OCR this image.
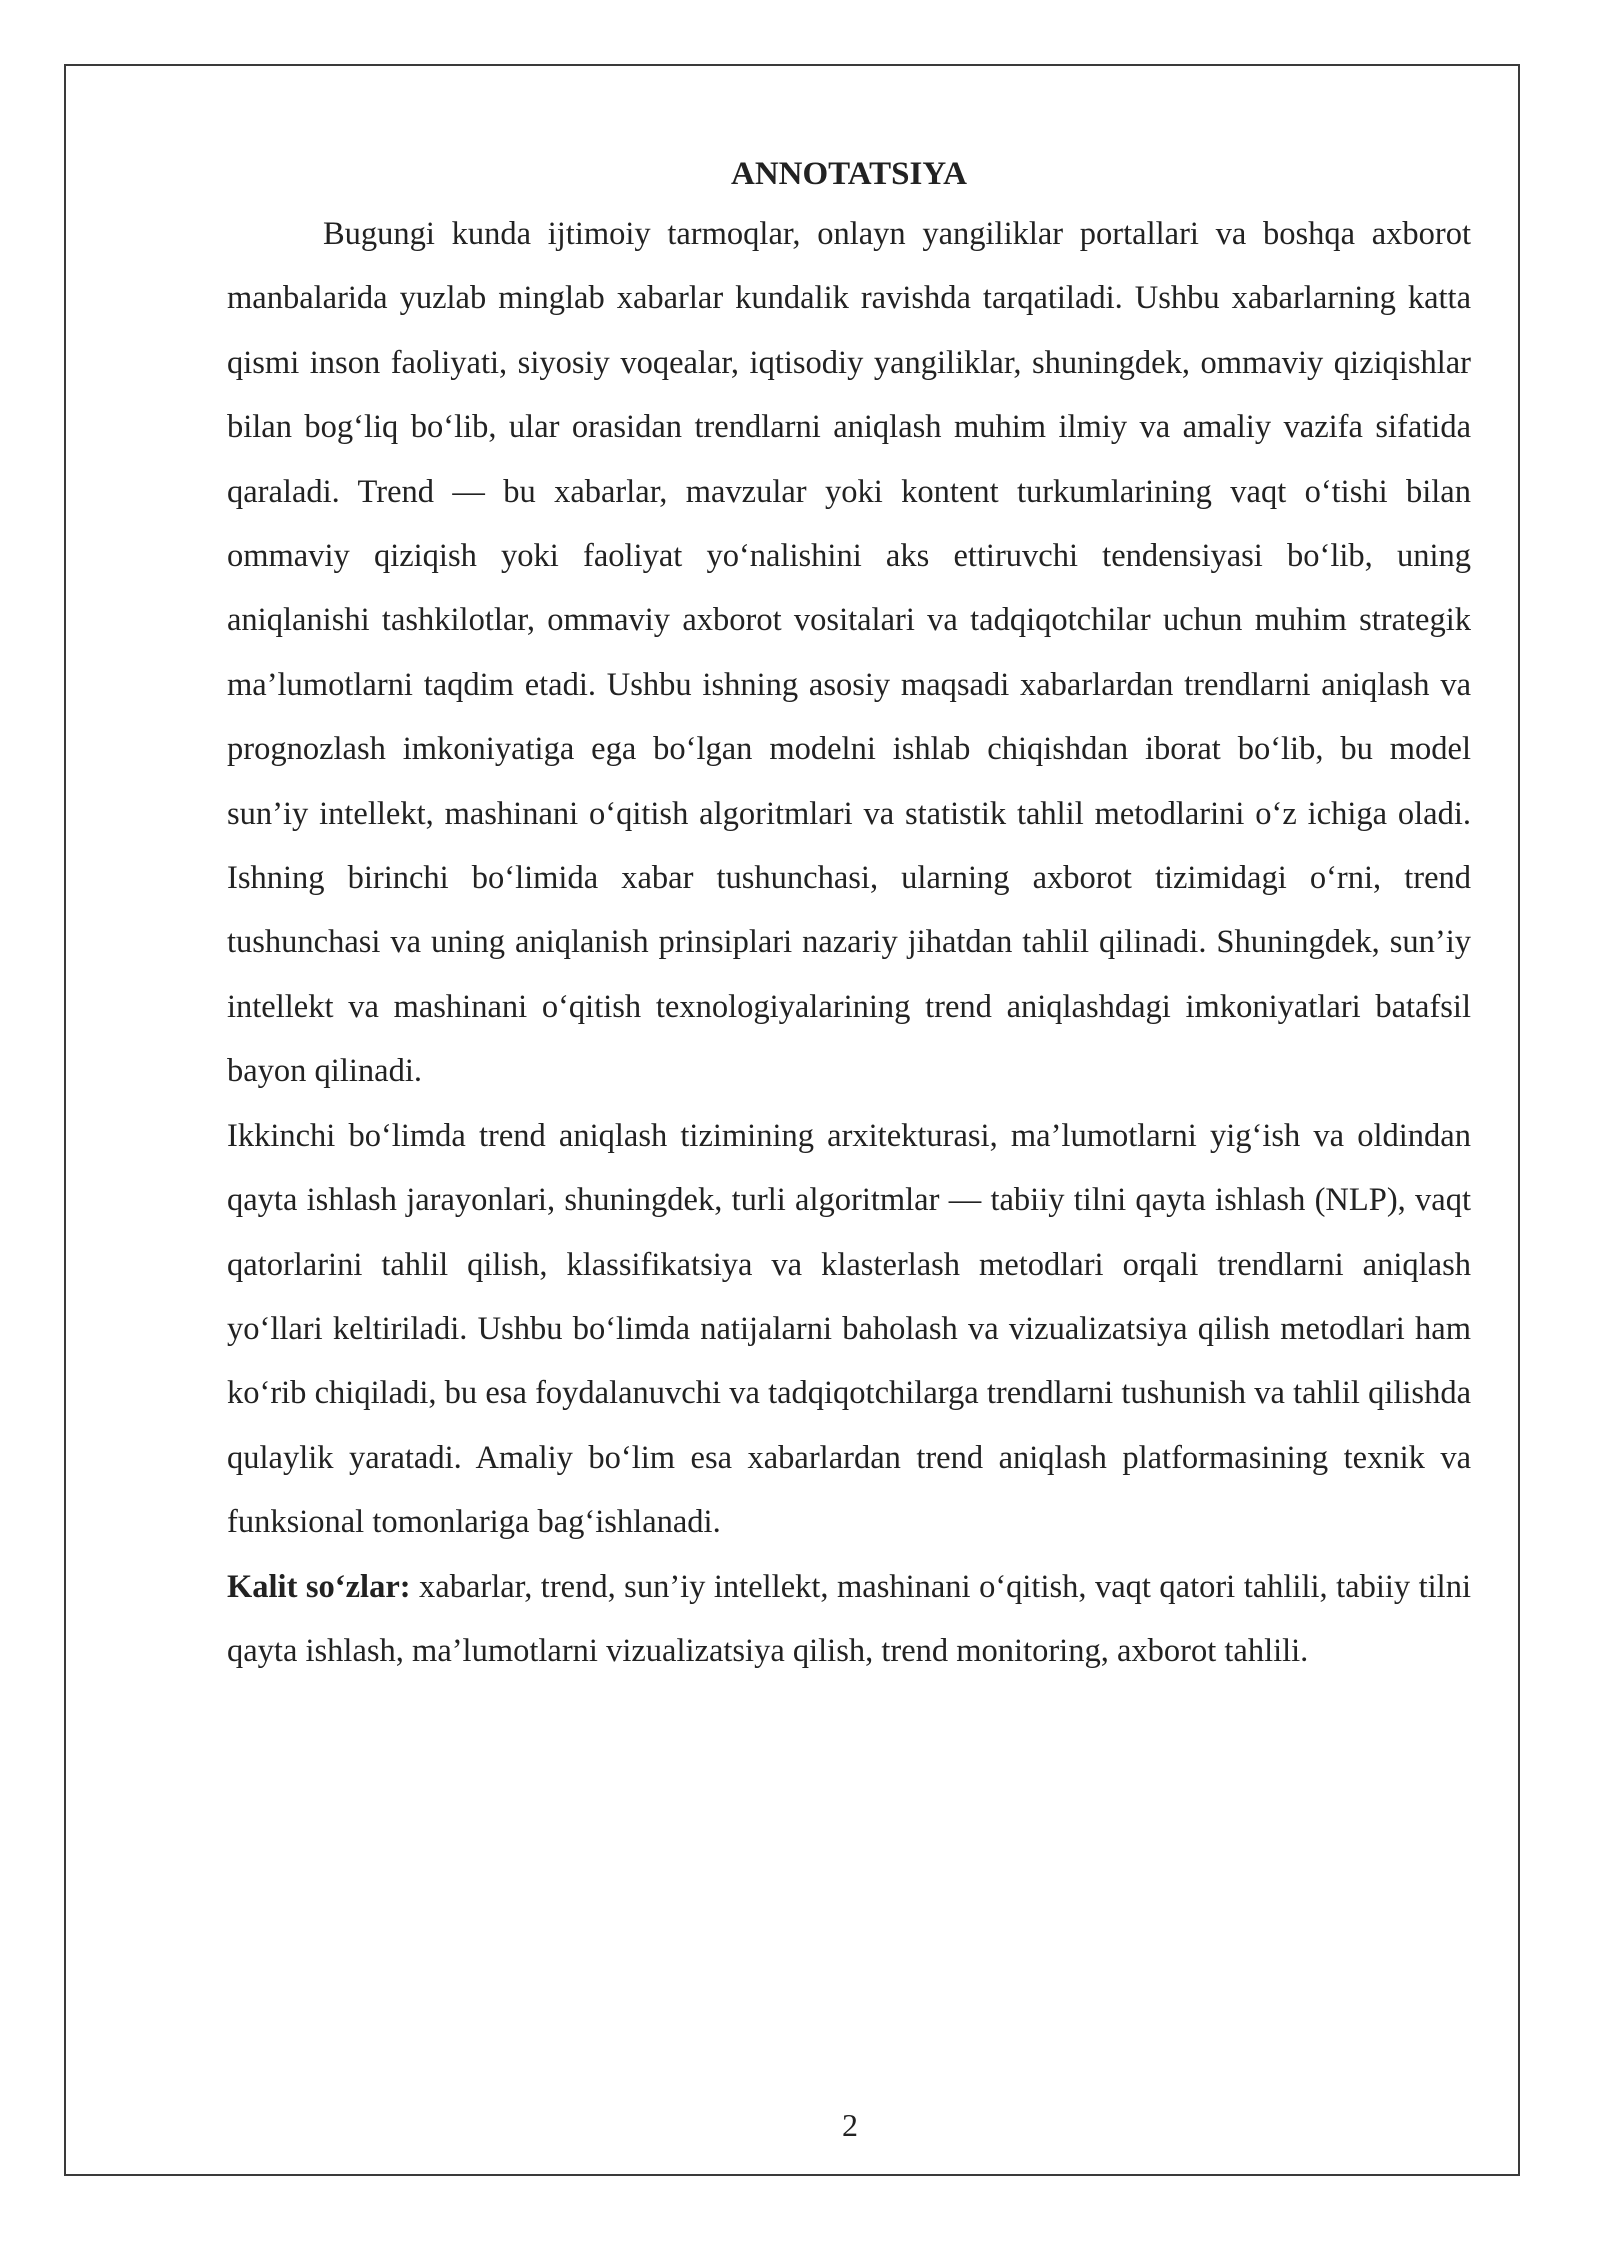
ANNOTATSIYA

Bugungi kunda ijtimoiy tarmoqlar, onlayn yangiliklar portallari va boshqa axborot manbalarida yuzlab minglab xabarlar kundalik ravishda tarqatiladi. Ushbu xabarlarning katta qismi inson faoliyati, siyosiy voqealar, iqtisodiy yangiliklar, shuningdek, ommaviy qiziqishlar bilan bog‘liq bo‘lib, ular orasidan trendlarni aniqlash muhim ilmiy va amaliy vazifa sifatida qaraladi. Trend — bu xabarlar, mavzular yoki kontent turkumlarining vaqt o‘tishi bilan ommaviy qiziqish yoki faoliyat yo‘nalishini aks ettiruvchi tendensiyasi bo‘lib, uning aniqlanishi tashkilotlar, ommaviy axborot vositalari va tadqiqotchilar uchun muhim strategik ma’lumotlarni taqdim etadi. Ushbu ishning asosiy maqsadi xabarlardan trendlarni aniqlash va prognozlash imkoniyatiga ega bo‘lgan modelni ishlab chiqishdan iborat bo‘lib, bu model sun’iy intellekt, mashinani o‘qitish algoritmlari va statistik tahlil metodlarini o‘z ichiga oladi. Ishning birinchi bo‘limida xabar tushunchasi, ularning axborot tizimidagi o‘rni, trend tushunchasi va uning aniqlanish prinsiplari nazariy jihatdan tahlil qilinadi. Shuningdek, sun’iy intellekt va mashinani o‘qitish texnologiyalarining trend aniqlashdagi imkoniyatlari batafsil bayon qilinadi.

Ikkinchi bo‘limda trend aniqlash tizimining arxitekturasi, ma’lumotlarni yig‘ish va oldindan qayta ishlash jarayonlari, shuningdek, turli algoritmlar — tabiiy tilni qayta ishlash (NLP), vaqt qatorlarini tahlil qilish, klassifikatsiya va klasterlash metodlari orqali trendlarni aniqlash yo‘llari keltiriladi. Ushbu bo‘limda natijalarni baholash va vizualizatsiya qilish metodlari ham ko‘rib chiqiladi, bu esa foydalanuvchi va tadqiqotchilarga trendlarni tushunish va tahlil qilishda qulaylik yaratadi. Amaliy bo‘lim esa xabarlardan trend aniqlash platformasining texnik va funksional tomonlariga bag‘ishlanadi.

Kalit so‘zlar: xabarlar, trend, sun’iy intellekt, mashinani o‘qitish, vaqt qatori tahlili, tabiiy tilni qayta ishlash, ma’lumotlarni vizualizatsiya qilish, trend monitoring, axborot tahlili.

2
